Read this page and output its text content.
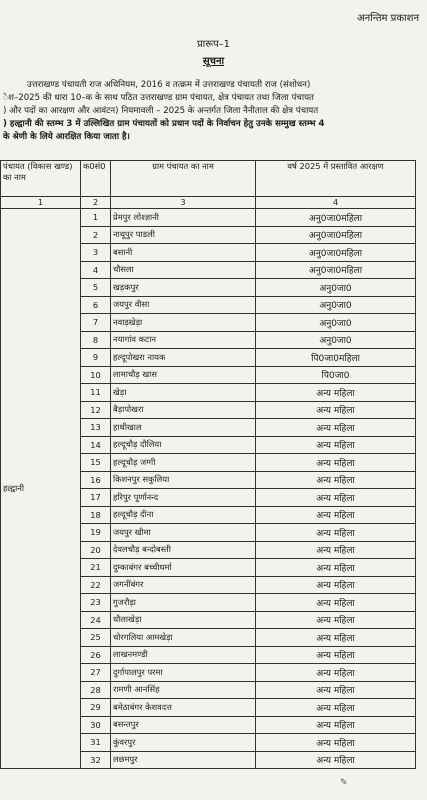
अनन्तिम प्रकाशन
प्रारूप–1
सूचना
उत्तराखण्ड पंचायती राज अधिनियम, 2016 व तत्क्रम में उत्तराखण्ड पंचायती राज (संशोधन)
ेश–2025 की धारा 10–क के साथ पठित उत्तराखण्ड ग्राम पंचायत, क्षेत्र पंचायत तथा जिला पंचायत
) और पदों का आरक्षण और आवंटन) नियमावली – 2025 के अन्तर्गत जिला नैनीताल की क्षेत्र पंचायत
) हल्द्वानी की स्तम्भ 3 में उल्लिखित ग्राम पंचायतों को प्रधान पदों के निर्वाचन हेतु उनके सम्मुख स्तम्भ 4
के श्रेणी के लिये आरक्षित किया जाता है।
पंचायत (विकास खण्ड) का नाम	क0सं0	ग्राम पंचायत का नाम	वर्ष 2025 में प्रस्तावित आरक्षण
1	2	3	4
हल्द्वानी	1	प्रेमपुर लोश्ज्ञानी	अनु0जा0महिला
	2	नाथूपुर पाडली	अनु0जा0महिला
	3	बसानी	अनु0जा0महिला
	4	चौसला	अनु0जा0महिला
	5	खड़कपुर	अनु0जा0
	6	जयपुर वीसा	अनु0जा0
	7	नवाड़खेड़ा	अनु0जा0
	8	नयागांव कटान	अनु0जा0
	9	हल्दूपोखरा नायक	पि0जा0महिला
	10	लामाचौड़ खास	पि0जा0
	11	खेड़ा	अन्य महिला
	12	बैड़ापोखरा	अन्य महिला
	13	हाथीखाल	अन्य महिला
	14	हल्दूचौड़ दौलिया	अन्य महिला
	15	हल्दूचौड़ जग्गी	अन्य महिला
	16	किशनपुर सकुलिया	अन्य महिला
	17	हरिपुर पूर्णानन्द	अन्य महिला
	18	हल्दूचौड़ दीना	अन्य महिला
	19	जयपुर खीमा	अन्य महिला
	20	देवलचौड़ बन्दोबस्ती	अन्य महिला
	21	दुम्काबंगर बच्चीधर्मा	अन्य महिला
	22	जगनींबंगर	अन्य महिला
	23	गुजरौड़ा	अन्य महिला
	24	धौलाखेड़ा	अन्य महिला
	25	चोरगलिया आमखेड़ा	अन्य महिला
	26	लाखनमण्डी	अन्य महिला
	27	दुर्गापालपुर परमा	अन्य महिला
	28	रामणी आनसिंह	अन्य महिला
	29	बमेठाबंगर केशवदत्त	अन्य महिला
	30	बसन्तपुर	अन्य महिला
	31	कुंवरपुर	अन्य महिला
	32	लछमपुर	अन्य महिला
✎
